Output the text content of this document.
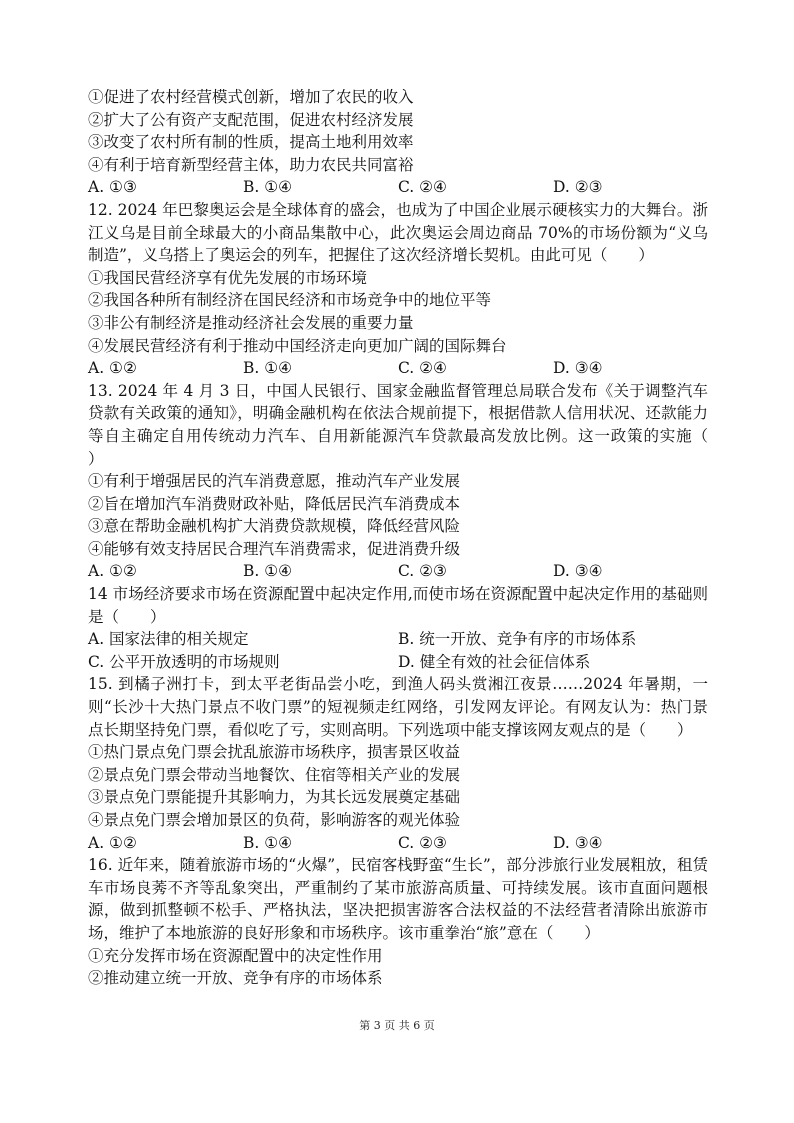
①促进了农村经营模式创新，增加了农民的收入
②扩大了公有资产支配范围，促进农村经济发展
③改变了农村所有制的性质，提高土地利用效率
④有利于培育新型经营主体，助力农民共同富裕
A. ①③	B. ①④	C. ②④	D. ②③
12. 2024 年巴黎奥运会是全球体育的盛会，也成为了中国企业展示硬核实力的大舞台。浙江义乌是目前全球最大的小商品集散中心，此次奥运会周边商品 70%的市场份额为“义乌制造”，义乌搭上了奥运会的列车，把握住了这次经济增长契机。由此可见（　　）
①我国民营经济享有优先发展的市场环境
②我国各种所有制经济在国民经济和市场竞争中的地位平等
③非公有制经济是推动经济社会发展的重要力量
④发展民营经济有利于推动中国经济走向更加广阔的国际舞台
A. ①②	B. ①④	C. ②④	D. ③④
13. 2024 年 4 月 3 日，中国人民银行、国家金融监督管理总局联合发布《关于调整汽车贷款有关政策的通知》，明确金融机构在依法合规前提下，根据借款人信用状况、还款能力等自主确定自用传统动力汽车、自用新能源汽车贷款最高发放比例。这一政策的实施（　　）
①有利于增强居民的汽车消费意愿，推动汽车产业发展
②旨在增加汽车消费财政补贴，降低居民汽车消费成本
③意在帮助金融机构扩大消费贷款规模，降低经营风险
④能够有效支持居民合理汽车消费需求，促进消费升级
A. ①②	B. ①④	C. ②③	D. ③④
14 市场经济要求市场在资源配置中起决定作用,而使市场在资源配置中起决定作用的基础则是（　　）
A. 国家法律的相关规定	B. 统一开放、竞争有序的市场体系
C. 公平开放透明的市场规则	D. 健全有效的社会征信体系
15. 到橘子洲打卡，到太平老街品尝小吃，到渔人码头赏湘江夜景……2024 年暑期，一则“长沙十大热门景点不收门票”的短视频走红网络，引发网友评论。有网友认为：热门景点长期坚持免门票，看似吃了亏，实则高明。下列选项中能支撑该网友观点的是（　　）
①热门景点免门票会扰乱旅游市场秩序，损害景区收益
②景点免门票会带动当地餐饮、住宿等相关产业的发展
③景点免门票能提升其影响力，为其长远发展奠定基础
④景点免门票会增加景区的负荷，影响游客的观光体验
A. ①②	B. ①④	C. ②③	D. ③④
16. 近年来，随着旅游市场的“火爆”，民宿客栈野蛮“生长”，部分涉旅行业发展粗放，租赁车市场良莠不齐等乱象突出，严重制约了某市旅游高质量、可持续发展。该市直面问题根源，做到抓整顿不松手、严格执法，坚决把损害游客合法权益的不法经营者清除出旅游市场，维护了本地旅游的良好形象和市场秩序。该市重拳治“旅”意在（　　）
①充分发挥市场在资源配置中的决定性作用
②推动建立统一开放、竞争有序的市场体系
第 3 页 共 6 页
